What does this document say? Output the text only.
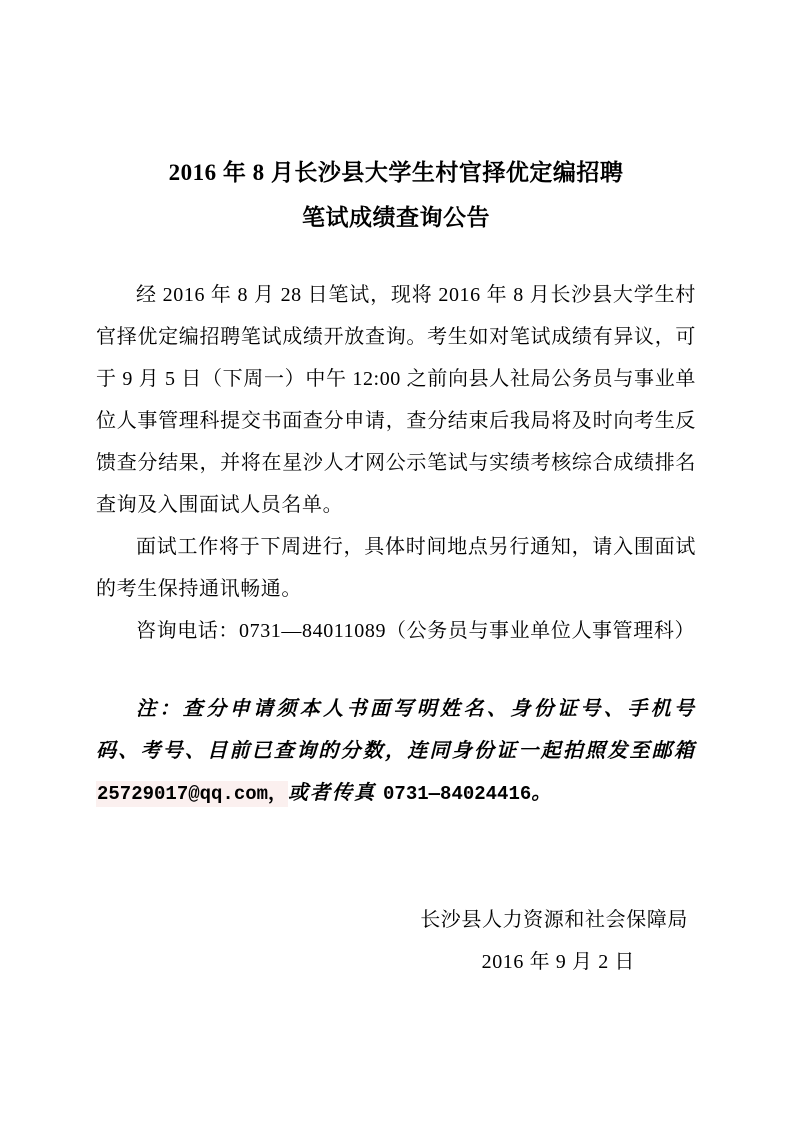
2016 年 8 月长沙县大学生村官择优定编招聘
笔试成绩查询公告

经 2016 年 8 月 28 日笔试，现将 2016 年 8 月长沙县大学生村官择优定编招聘笔试成绩开放查询。考生如对笔试成绩有异议，可于 9 月 5 日（下周一）中午 12:00 之前向县人社局公务员与事业单位人事管理科提交书面查分申请，查分结束后我局将及时向考生反馈查分结果，并将在星沙人才网公示笔试与实绩考核综合成绩排名查询及入围面试人员名单。

面试工作将于下周进行，具体时间地点另行通知，请入围面试的考生保持通讯畅通。

咨询电话：0731—84011089（公务员与事业单位人事管理科）

注：查分申请须本人书面写明姓名、身份证号、手机号码、考号、目前已查询的分数，连同身份证一起拍照发至邮箱25729017@qq.com，或者传真 0731—84024416。

长沙县人力资源和社会保障局
2016 年 9 月 2 日
